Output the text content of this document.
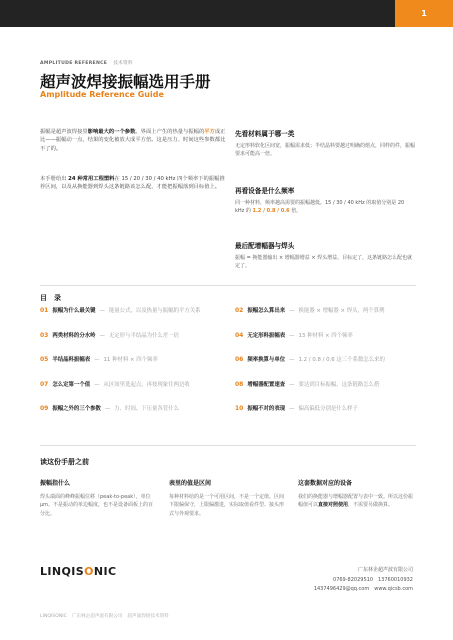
1
AMPLITUDE REFERENCE 技术资料
超声波焊接振幅选用手册
Amplitude Reference Guide
振幅是超声波焊接里影响最大的一个参数。界面上产生的热量与振幅的平方成正比——振幅动一点，结果的变化被放大成平方倍。这是压力、时间这些参数都比不了的。
本手册给出 24 种常用工程塑料在 15 / 20 / 30 / 40 kHz 四个频率下的振幅推荐区间，以及从换能器到焊头这条链路该怎么配，才能把振幅落到目标值上。
先看材料属于哪一类

无定形料软化区间宽，振幅需求低；半结晶料要越过明确的熔点，同样的件，振幅要求可能高一倍。

再看设备是什么频率

同一种材料，频率越高需要的振幅越低。15 / 30 / 40 kHz 的取值分别是 20 kHz 的 1.2 / 0.8 / 0.6 倍。

最后配增幅器与焊头

振幅 = 换能器输出 × 增幅器增益 × 焊头增益。目标定了，这条链路怎么配也就定了。

目　录
01 振幅为什么最关键 — 能量公式，以及热量与振幅的平方关系	02 振幅怎么算出来 — 换能器 × 增幅器 × 焊头，两个算例
03 两类材料的分水岭 — 无定形与半结晶为什么差一倍	04 无定形料振幅表 — 13 种材料 × 四个频率
05 半结晶料振幅表 — 11 种材料 × 四个频率	06 频率换算与单位 — 1.2 / 0.8 / 0.6 这三个系数怎么来的
07 怎么定第一个值 — 从区间里选起点，再按现象往两边收	08 增幅器配置速查 — 要达到目标振幅，这条链路怎么搭
09 振幅之外的三个参数 — 力、时间、下压量各管什么	10 振幅不对的表现 — 偏高偏低分别是什么样子
读这份手册之前
振幅指什么

焊头端面的峰峰振幅位移（peak-to-peak），单位 μm。不是振动的单边幅度，也不是设备面板上的百分比。

表里的值是区间

每种材料给的是一个可用区间，不是一个定值。区间下限偏保守，上限偏激进，实际取值看件型、接头形式与外观要求。

这套数据对应的设备

我们的换能器与增幅器配置与表中一致。所以这份振幅值可以直接对照使用，不需要另做换算。

LINQISONIC	广东林企超声波有限公司
0769-82029510　13760010932
1437496429@qq.com　www.qicsb.com
LINQISONIC 广东林企超声波有限公司 超声波焊接技术资料
